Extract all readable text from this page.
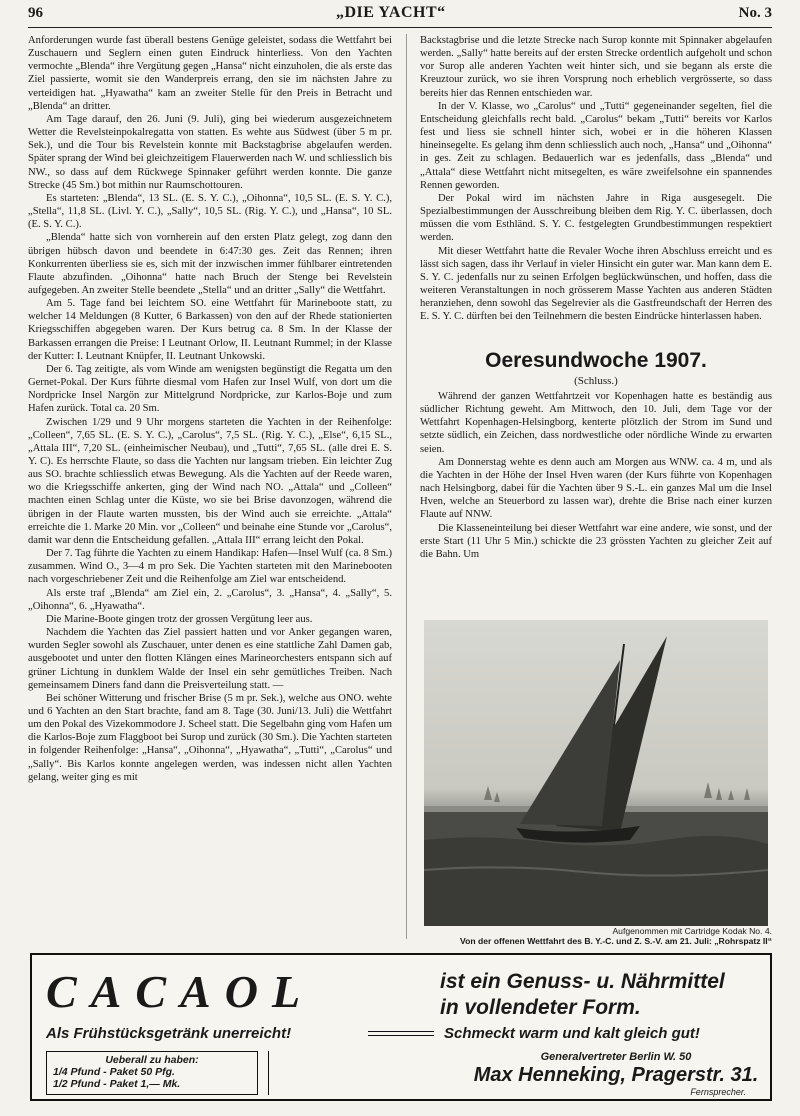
96	„DIE YACHT“	No. 3

Anforderungen wurde fast überall bestens Genüge geleistet, sodass die Wettfahrt bei Zuschauern und Seglern einen guten Eindruck hinterliess. Von den Yachten vermochte „Blenda“ ihre Vergütung gegen „Hansa“ nicht einzuholen, die als erste das Ziel passierte, womit sie den Wanderpreis errang, den sie im nächsten Jahre zu verteidigen hat. „Hyawatha“ kam an zweiter Stelle für den Preis in Betracht und „Blenda“ an dritter.

Am Tage darauf, den 26. Juni (9. Juli), ging bei wiederum ausgezeichnetem Wetter die Revelsteinpokalregatta von statten. Es wehte aus Südwest (über 5 m pr. Sek.), und die Tour bis Revelstein konnte mit Backstagbrise abgelaufen werden. Später sprang der Wind bei gleichzeitigem Flauerwerden nach W. und schliesslich bis NW., so dass auf dem Rückwege Spinnaker geführt werden konnte. Die ganze Strecke (45 Sm.) bot mithin nur Raumschottouren.

Es starteten: „Blenda“, 13 SL. (E. S. Y. C.), „Oihonna“, 10,5 SL. (E. S. Y. C.), „Stella“, 11,8 SL. (Livl. Y. C.), „Sally“, 10,5 SL. (Rig. Y. C.), und „Hansa“, 10 SL. (E. S. Y. C.).

„Blenda“ hatte sich von vornherein auf den ersten Platz gelegt, zog dann den übrigen hübsch davon und beendete in 6:47:30 ges. Zeit das Rennen; ihren Konkurrenten überliess sie es, sich mit der inzwischen immer fühlbarer eintretenden Flaute abzufinden. „Oihonna“ hatte nach Bruch der Stenge bei Revelstein aufgegeben. An zweiter Stelle beendete „Stella“ und an dritter „Sally“ die Wettfahrt.

Am 5. Tage fand bei leichtem SO. eine Wettfahrt für Marineboote statt, zu welcher 14 Meldungen (8 Kutter, 6 Barkassen) von den auf der Rhede stationierten Kriegsschiffen abgegeben waren. Der Kurs betrug ca. 8 Sm. In der Klasse der Barkassen errangen die Preise: I Leutnant Orlow, II. Leutnant Rummel; in der Klasse der Kutter: I. Leutnant Knüpfer, II. Leutnant Unkowski.

Der 6. Tag zeitigte, als vom Winde am wenigsten begünstigt die Regatta um den Gernet-Pokal. Der Kurs führte diesmal vom Hafen zur Insel Wulf, von dort um die Nordpricke Insel Nargön zur Mittelgrund Nordpricke, zur Karlos-Boje und zum Hafen zurück. Total ca. 20 Sm.

Zwischen 1/29 und 9 Uhr morgens starteten die Yachten in der Reihenfolge: „Colleen“, 7,65 SL. (E. S. Y. C.), „Carolus“, 7,5 SL. (Rig. Y. C.), „Else“, 6,15 SL., „Attala III“, 7,20 SL. (einheimischer Neubau), und „Tutti“, 7,65 SL. (alle drei E. S. Y. C). Es herrschte Flaute, so dass die Yachten nur langsam trieben. Ein leichter Zug aus SO. brachte schliesslich etwas Bewegung. Als die Yachten auf der Reede waren, wo die Kriegsschiffe ankerten, ging der Wind nach NO. „Attala“ und „Colleen“ machten einen Schlag unter die Küste, wo sie bei Brise davonzogen, während die übrigen in der Flaute warten mussten, bis der Wind auch sie erreichte. „Attala“ erreichte die 1. Marke 20 Min. vor „Colleen“ und beinahe eine Stunde vor „Carolus“, damit war denn die Entscheidung gefallen. „Attala III“ errang leicht den Pokal.

Der 7. Tag führte die Yachten zu einem Handikap: Hafen—Insel Wulf (ca. 8 Sm.) zusammen. Wind O., 3—4 m pro Sek. Die Yachten starteten mit den Marinebooten nach vorgeschriebener Zeit und die Reihenfolge am Ziel war entscheidend.

Als erste traf „Blenda“ am Ziel ein, 2. „Carolus“, 3. „Hansa“, 4. „Sally“, 5. „Oihonna“, 6. „Hyawatha“.

Die Marine-Boote gingen trotz der grossen Vergütung leer aus.

Nachdem die Yachten das Ziel passiert hatten und vor Anker gegangen waren, wurden Segler sowohl als Zuschauer, unter denen es eine stattliche Zahl Damen gab, ausgebootet und unter den flotten Klängen eines Marineorchesters entspann sich auf grüner Lichtung in dunklem Walde der Insel ein sehr gemütliches Treiben. Nach gemeinsamem Diners fand dann die Preisverteilung statt. —

Bei schöner Witterung und frischer Brise (5 m pr. Sek.), welche aus ONO. wehte und 6 Yachten an den Start brachte, fand am 8. Tage (30. Juni/13. Juli) die Wettfahrt um den Pokal des Vizekommodore J. Scheel statt. Die Segelbahn ging vom Hafen um die Karlos-Boje zum Flaggboot bei Surop und zurück (30 Sm.). Die Yachten starteten in folgender Reihenfolge: „Hansa“, „Oihonna“, „Hyawatha“, „Tutti“, „Carolus“ und „Sally“. Bis Karlos konnte angelegen werden, was indessen nicht allen Yachten gelang, weiter ging es mit

Backstagbrise und die letzte Strecke nach Surop konnte mit Spinnaker abgelaufen werden. „Sally“ hatte bereits auf der ersten Strecke ordentlich aufgeholt und schon vor Surop alle anderen Yachten weit hinter sich, und sie begann als erste die Kreuztour zurück, wo sie ihren Vorsprung noch erheblich vergrösserte, so dass bereits hier das Rennen entschieden war.

In der V. Klasse, wo „Carolus“ und „Tutti“ gegeneinander segelten, fiel die Entscheidung gleichfalls recht bald. „Carolus“ bekam „Tutti“ bereits vor Karlos fest und liess sie schnell hinter sich, wobei er in die höheren Klassen hineinsegelte. Es gelang ihm denn schliesslich auch noch, „Hansa“ und „Oihonna“ in ges. Zeit zu schlagen. Bedauerlich war es jedenfalls, dass „Blenda“ und „Attala“ diese Wettfahrt nicht mitsegelten, es wäre zweifelsohne ein spannendes Rennen geworden.

Der Pokal wird im nächsten Jahre in Riga ausgesegelt. Die Spezialbestimmungen der Ausschreibung bleiben dem Rig. Y. C. überlassen, doch müssen die vom Esthländ. S. Y. C. festgelegten Grundbestimmungen respektiert werden.

Mit dieser Wettfahrt hatte die Revaler Woche ihren Abschluss erreicht und es lässt sich sagen, dass ihr Verlauf in vieler Hinsicht ein guter war. Man kann dem E. S. Y. C. jedenfalls nur zu seinen Erfolgen beglückwünschen, und hoffen, dass die weiteren Veranstaltungen in noch grösserem Masse Yachten aus anderen Städten heranziehen, denn sowohl das Segelrevier als die Gastfreundschaft der Herren des E. S. Y. C. dürften bei den Teilnehmern die besten Eindrücke hinterlassen haben.

Oeresundwoche 1907.
(Schluss.)

Während der ganzen Wettfahrtzeit vor Kopenhagen hatte es beständig aus südlicher Richtung geweht. Am Mittwoch, den 10. Juli, dem Tage vor der Wettfahrt Kopenhagen-Helsingborg, kenterte plötzlich der Strom im Sund und setzte südlich, ein Zeichen, dass nordwestliche oder nördliche Winde zu erwarten seien.

Am Donnerstag wehte es denn auch am Morgen aus WNW. ca. 4 m, und als die Yachten in der Höhe der Insel Hven waren (der Kurs führte von Kopenhagen nach Helsingborg, dabei für die Yachten über 9 S.-L. ein ganzes Mal um die Insel Hven, welche an Steuerbord zu lassen war), drehte die Brise nach einer kurzen Flaute auf NNW.

Die Klasseneinteilung bei dieser Wettfahrt war eine andere, wie sonst, und der erste Start (11 Uhr 5 Min.) schickte die 23 grössten Yachten zu gleicher Zeit auf die Bahn. Um

Aufgenommen mit Cartridge Kodak No. 4.
Von der offenen Wettfahrt des B. Y.-C. und Z. S.-V. am 21. Juli: „Rohrspatz II“
CACAOL	ist ein Genuss- u. Nährmittel
in vollendeter Form.
Als Frühstücksgetränk unerreicht!	Schmeckt warm und kalt gleich gut!
Ueberall zu haben:
1/4 Pfund - Paket 50 Pfg.
1/2 Pfund - Paket 1,— Mk.
Generalvertreter Berlin W. 50
Max Henneking, Pragerstr. 31.
Fernsprecher.
